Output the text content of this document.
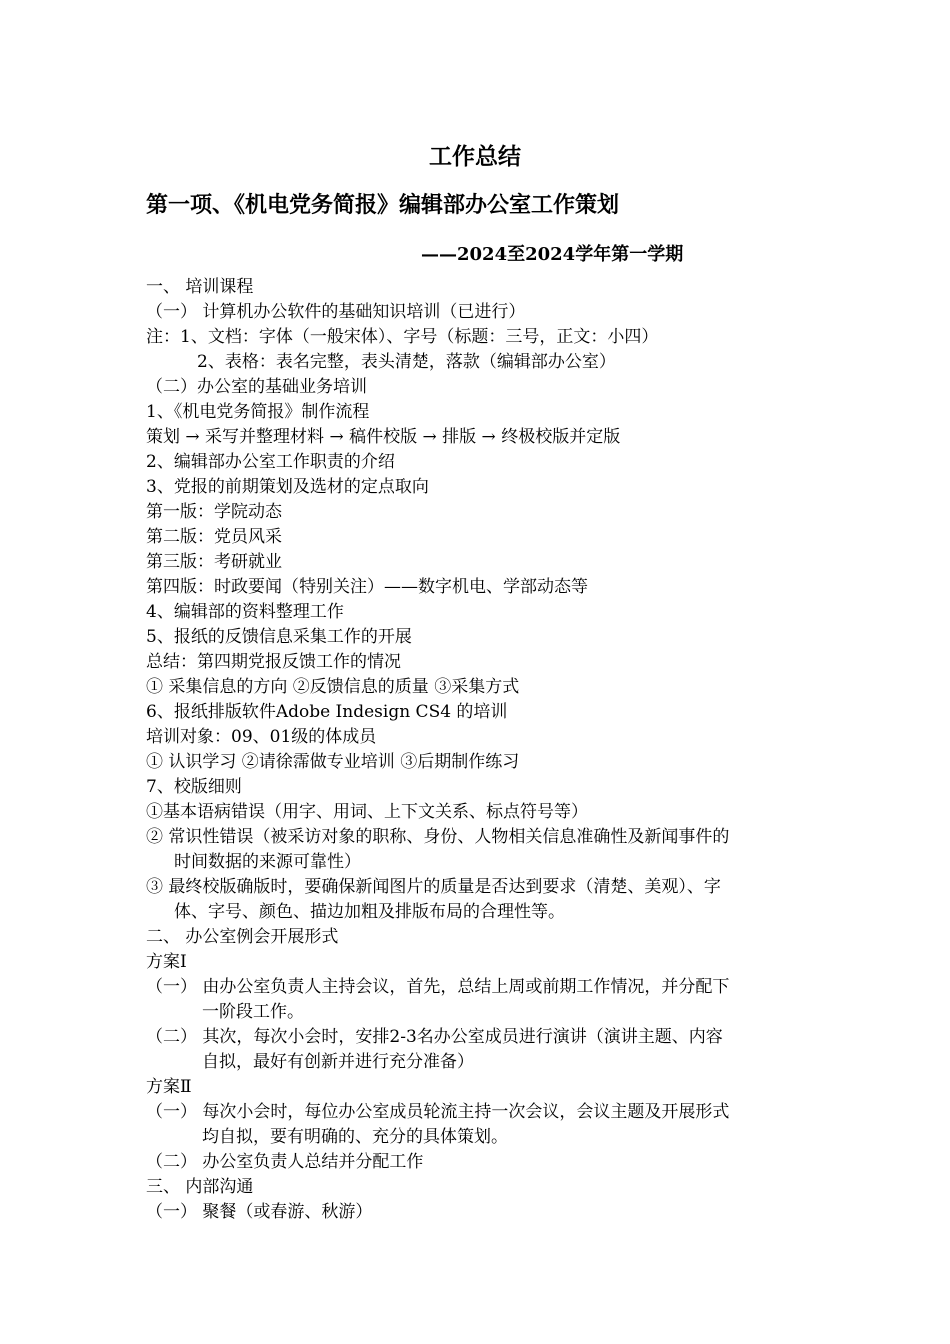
工作总结
第一项、《机电党务简报》编辑部办公室工作策划
——2024至2024学年第一学期
一、 培训课程
（一） 计算机办公软件的基础知识培训（已进行）
注：1、文档：字体（一般宋体）、字号（标题：三号，正文：小四）
2、表格：表名完整，表头清楚，落款（编辑部办公室）
（二）办公室的基础业务培训
1、《机电党务简报》制作流程
策划 → 采写并整理材料 → 稿件校版 → 排版 → 终极校版并定版
2、编辑部办公室工作职责的介绍
3、党报的前期策划及选材的定点取向
第一版：学院动态
第二版：党员风采
第三版：考研就业
第四版：时政要闻（特别关注）——数字机电、学部动态等
4、编辑部的资料整理工作
5、报纸的反馈信息采集工作的开展
总结：第四期党报反馈工作的情况
① 采集信息的方向 ②反馈信息的质量 ③采集方式
6、报纸排版软件Adobe Indesign CS4 的培训
培训对象：09、01级的体成员
① 认识学习 ②请徐霈做专业培训 ③后期制作练习
7、校版细则
①基本语病错误（用字、用词、上下文关系、标点符号等）
② 常识性错误（被采访对象的职称、身份、人物相关信息准确性及新闻事件的
时间数据的来源可靠性）
③ 最终校版确版时，要确保新闻图片的质量是否达到要求（清楚、美观）、字
体、字号、颜色、描边加粗及排版布局的合理性等。
二、 办公室例会开展形式
方案Ⅰ
（一） 由办公室负责人主持会议，首先，总结上周或前期工作情况，并分配下
一阶段工作。
（二） 其次，每次小会时，安排2-3名办公室成员进行演讲（演讲主题、内容
自拟，最好有创新并进行充分准备）
方案Ⅱ
（一） 每次小会时，每位办公室成员轮流主持一次会议，会议主题及开展形式
均自拟，要有明确的、充分的具体策划。
（二） 办公室负责人总结并分配工作
三、 内部沟通
（一） 聚餐（或春游、秋游）
